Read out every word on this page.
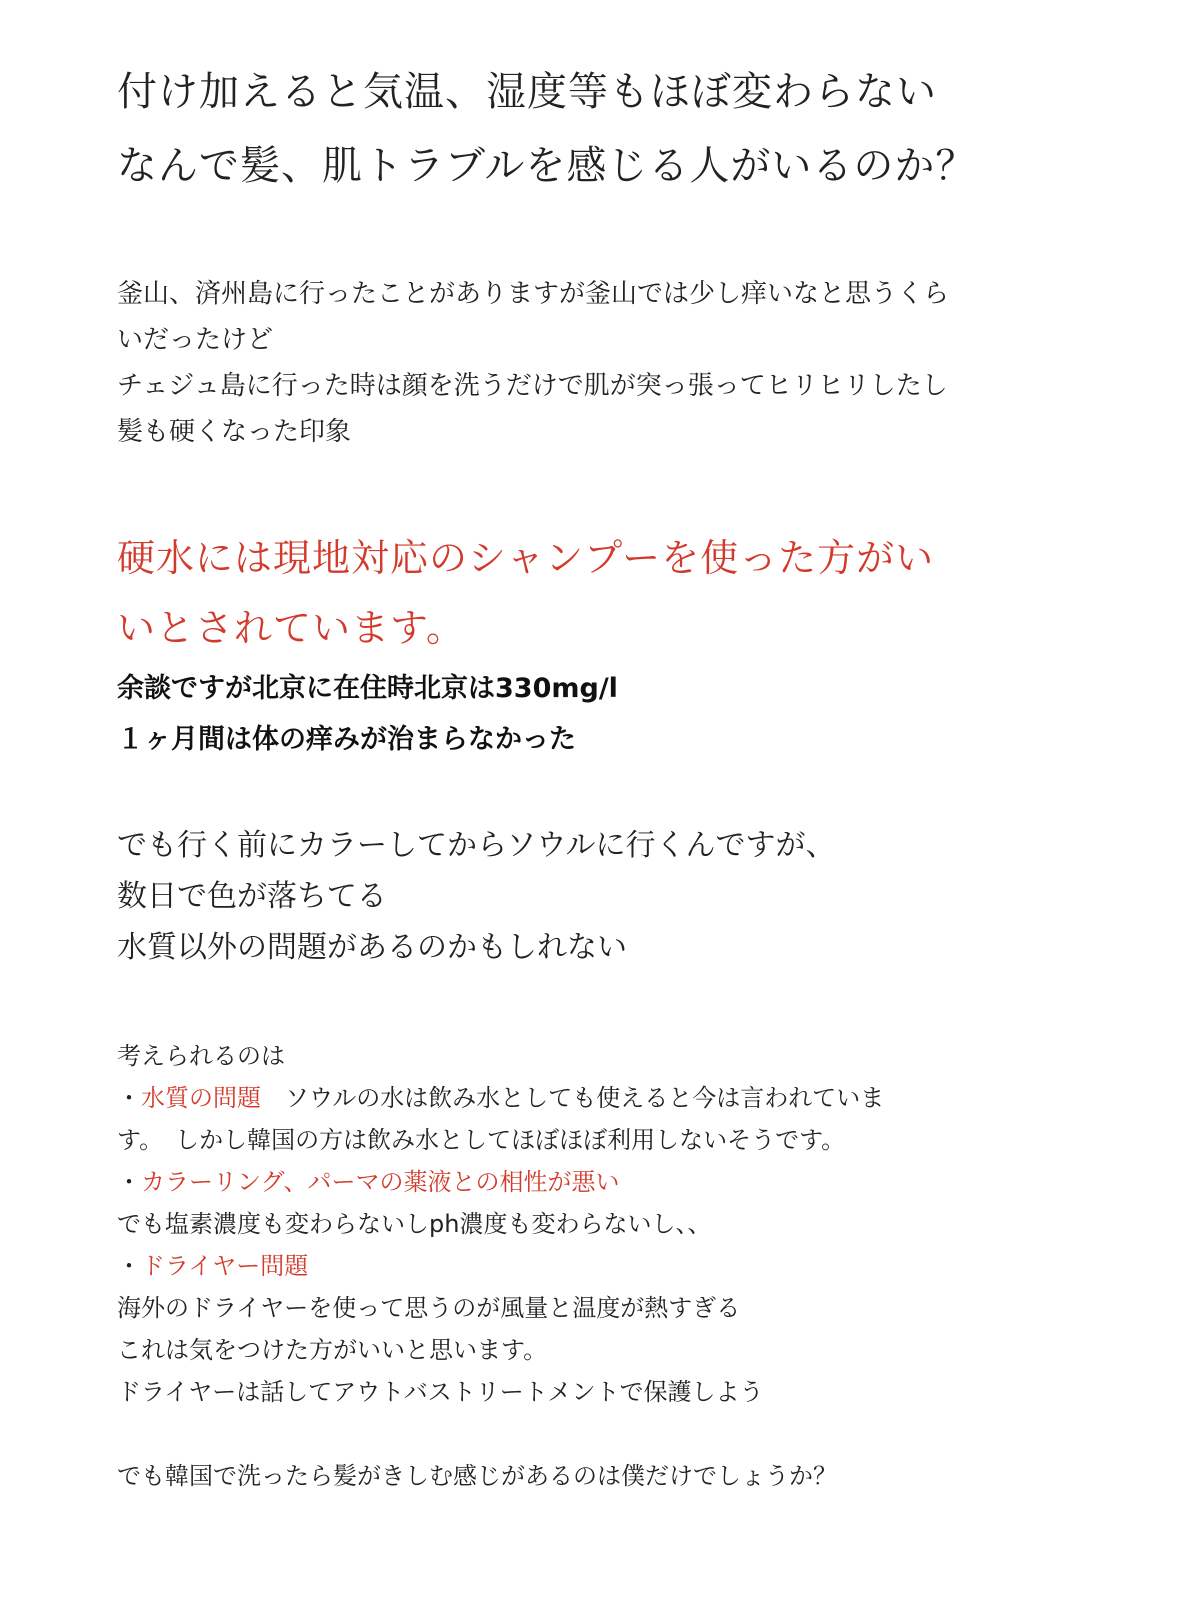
付け加えると気温、湿度等もほぼ変わらない
なんで髪、肌トラブルを感じる人がいるのか？
釜山、済州島に行ったことがありますが釜山では少し痒いなと思うくら
いだったけど
チェジュ島に行った時は顔を洗うだけで肌が突っ張ってヒリヒリしたし
髪も硬くなった印象
硬水には現地対応のシャンプーを使った方がい
いとされています。
余談ですが北京に在住時北京は330mg/l
１ヶ月間は体の痒みが治まらなかった
でも行く前にカラーしてからソウルに行くんですが、
数日で色が落ちてる
水質以外の問題があるのかもしれない
考えられるのは
・水質の問題　ソウルの水は飲み水としても使えると今は言われていま
す。　しかし韓国の方は飲み水としてほぼほぼ利用しないそうです。
・カラーリング、パーマの薬液との相性が悪い
でも塩素濃度も変わらないしph濃度も変わらないし、、
・ドライヤー問題
海外のドライヤーを使って思うのが風量と温度が熱すぎる
これは気をつけた方がいいと思います。
ドライヤーは話してアウトバストリートメントで保護しよう
でも韓国で洗ったら髪がきしむ感じがあるのは僕だけでしょうか？
